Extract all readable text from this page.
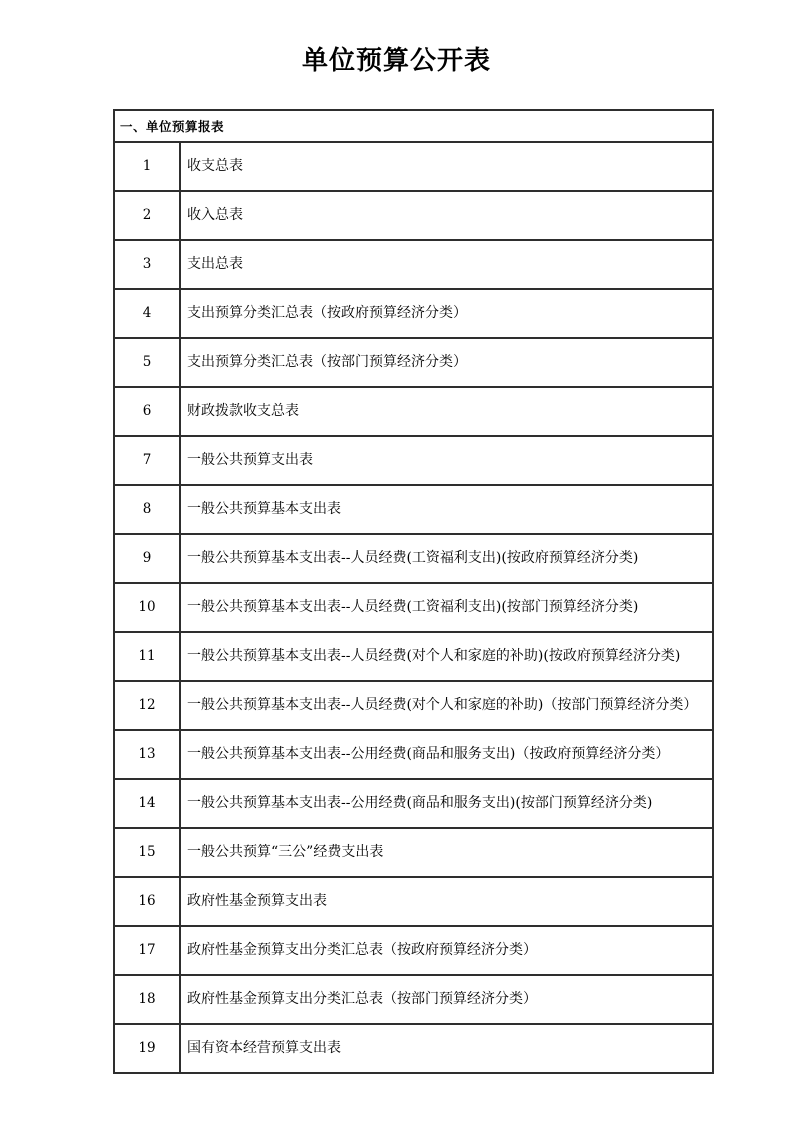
单位预算公开表
一、单位预算报表	
1	收支总表
2	收入总表
3	支出总表
4	支出预算分类汇总表（按政府预算经济分类）
5	支出预算分类汇总表（按部门预算经济分类）
6	财政拨款收支总表
7	一般公共预算支出表
8	一般公共预算基本支出表
9	一般公共预算基本支出表--人员经费(工资福利支出)(按政府预算经济分类)
10	一般公共预算基本支出表--人员经费(工资福利支出)(按部门预算经济分类)
11	一般公共预算基本支出表--人员经费(对个人和家庭的补助)(按政府预算经济分类)
12	一般公共预算基本支出表--人员经费(对个人和家庭的补助)（按部门预算经济分类）
13	一般公共预算基本支出表--公用经费(商品和服务支出)（按政府预算经济分类）
14	一般公共预算基本支出表--公用经费(商品和服务支出)(按部门预算经济分类)
15	一般公共预算“三公”经费支出表
16	政府性基金预算支出表
17	政府性基金预算支出分类汇总表（按政府预算经济分类）
18	政府性基金预算支出分类汇总表（按部门预算经济分类）
19	国有资本经营预算支出表
